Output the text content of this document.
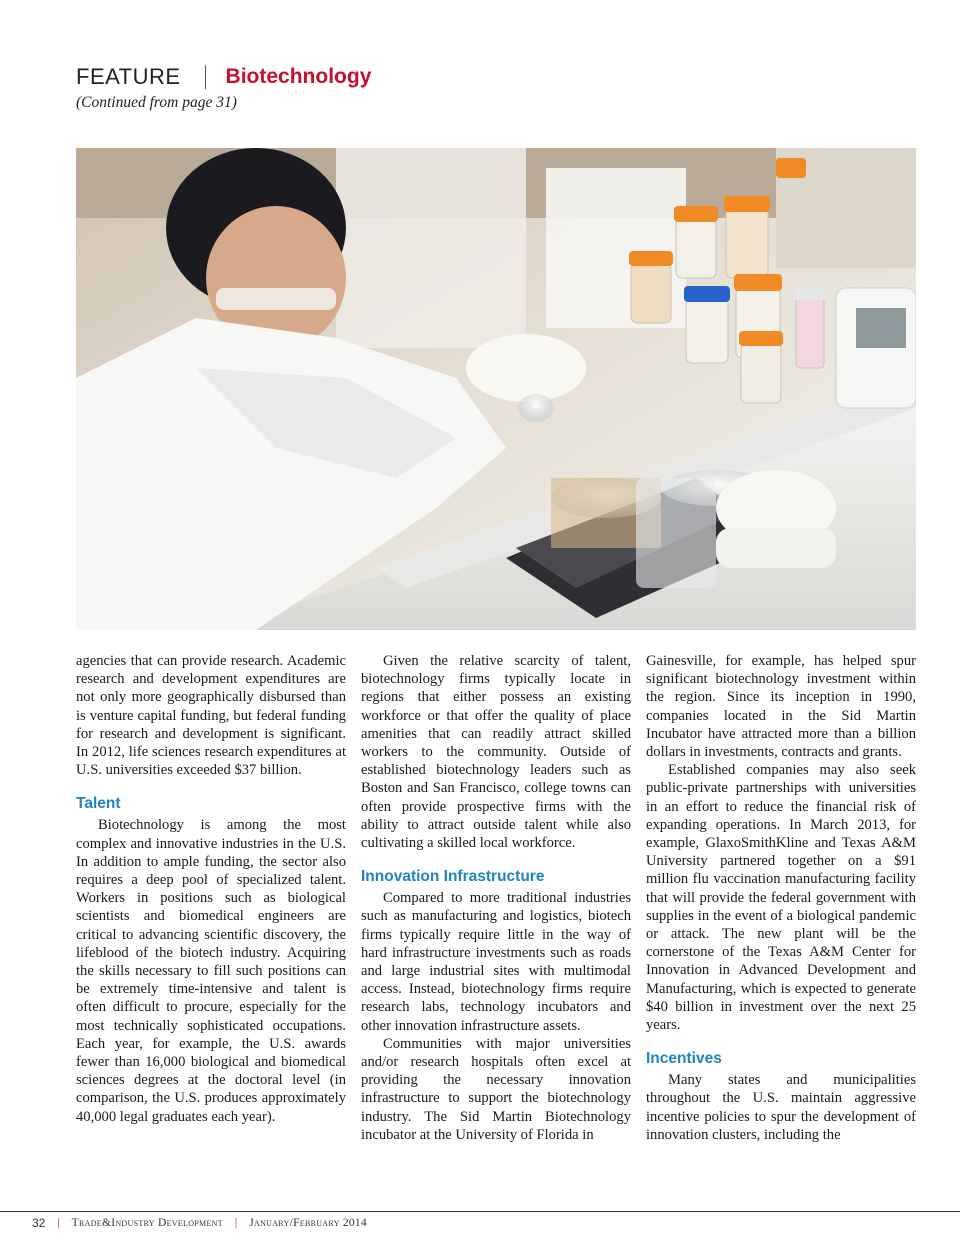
FEATURE Biotechnology
(Continued from page 31)

agencies that can provide research. Academic research and development expenditures are not only more geographically disbursed than is venture capital funding, but federal funding for research and development is significant. In 2012, life sciences research expenditures at U.S. universities exceeded $37 billion.

Talent

Biotechnology is among the most complex and innovative industries in the U.S. In addition to ample funding, the sector also requires a deep pool of specialized talent. Workers in positions such as biological scientists and biomedical engineers are critical to advancing scientific discovery, the lifeblood of the biotech industry. Acquiring the skills necessary to fill such positions can be extremely time-intensive and talent is often difficult to procure, especially for the most technically sophisticated occupations. Each year, for example, the U.S. awards fewer than 16,000 biological and biomedical sciences degrees at the doctoral level (in comparison, the U.S. produces approximately 40,000 legal graduates each year).

Given the relative scarcity of talent, biotechnology firms typically locate in regions that either possess an existing workforce or that offer the quality of place amenities that can readily attract skilled workers to the community. Outside of established biotechnology leaders such as Boston and San Francisco, college towns can often provide prospective firms with the ability to attract outside talent while also cultivating a skilled local workforce.

Innovation Infrastructure

Compared to more traditional industries such as manufacturing and logistics, biotech firms typically require little in the way of hard infrastructure investments such as roads and large industrial sites with multimodal access. Instead, biotechnology firms require research labs, technology incubators and other innovation infrastructure assets.

Communities with major universities and/or research hospitals often excel at providing the necessary innovation infrastructure to support the biotechnology industry. The Sid Martin Biotechnology incubator at the University of Florida in

Gainesville, for example, has helped spur significant biotechnology investment within the region. Since its inception in 1990, companies located in the Sid Martin Incubator have attracted more than a billion dollars in investments, contracts and grants.

Established companies may also seek public-private partnerships with universities in an effort to reduce the financial risk of expanding operations. In March 2013, for example, GlaxoSmithKline and Texas A&M University partnered together on a $91 million flu vaccination manufacturing facility that will provide the federal government with supplies in the event of a biological pandemic or attack. The new plant will be the cornerstone of the Texas A&M Center for Innovation in Advanced Development and Manufacturing, which is expected to generate $40 billion in investment over the next 25 years.

Incentives

Many states and municipalities throughout the U.S. maintain aggressive incentive policies to spur the development of innovation clusters, including the

32 | Trade&Industry Development | January/February 2014
